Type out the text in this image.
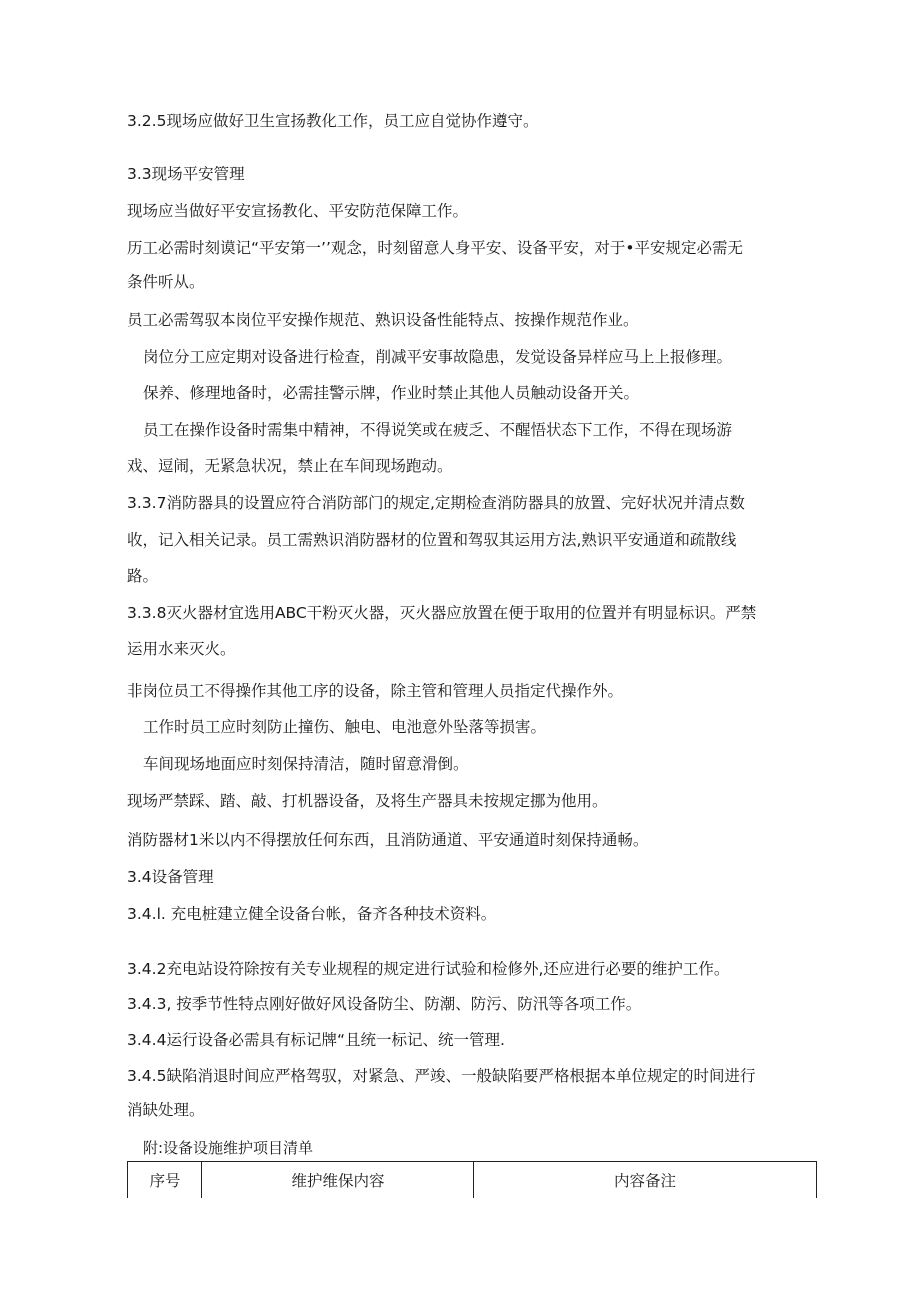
3.2.5现场应做好卫生宣扬教化工作，员工应自觉协作遵守。
3.3现场平安管理
现场应当做好平安宣扬教化、平安防范保障工作。
历工必需时刻谟记“平安第一’’观念，时刻留意人身平安、设备平安，对于•平安规定必需无
条件听从。
员工必需驾驭本岗位平安操作规范、熟识设备性能特点、按操作规范作业。
岗位分工应定期对设备进行检查，削减平安事故隐患，发觉设备异样应马上上报修理。
保养、修理地备时，必需挂警示牌，作业时禁止其他人员触动设备开关。
员工在操作设备时需集中精神，不得说笑或在疲乏、不醒悟状态下工作，不得在现场游
戏、逗闹，无紧急状况，禁止在车间现场跑动。
3.3.7消防器具的设置应符合消防部门的规定,定期检查消防器具的放置、完好状况并清点数
收，记入相关记录。员工需熟识消防器材的位置和驾驭其运用方法,熟识平安通道和疏散线
路。
3.3.8灭火器材宜选用ABC干粉灭火器，灭火器应放置在便于取用的位置并有明显标识。严禁
运用水来灭火。
非岗位员工不得操作其他工序的设备，除主管和管理人员指定代操作外。
工作时员工应时刻防止撞伤、触电、电池意外坠落等损害。
车间现场地面应时刻保持清洁，随时留意滑倒。
现场严禁踩、踏、敲、打机器设备，及将生产器具未按规定挪为他用。
消防器材1米以内不得摆放任何东西，且消防通道、平安通道时刻保持通畅。
3.4设备管理
3.4.l. 充电桩建立健全设备台帐，备齐各种技术资料。
3.4.2充电站设符除按有关专业规程的规定进行试验和检修外,还应进行必要的维护工作。
3.4.3, 按季节性特点刚好做好风设备防尘、防潮、防污、防汛等各项工作。
3.4.4运行设备必需具有标记牌“且统一标记、统一管理.
3.4.5缺陷消退时间应严格驾驭，对紧急、严竣、一般缺陷要严格根据本单位规定的时间进行
消缺处理。
附:设备设施维护项目清单
序号	维护维保内容	内容备注
